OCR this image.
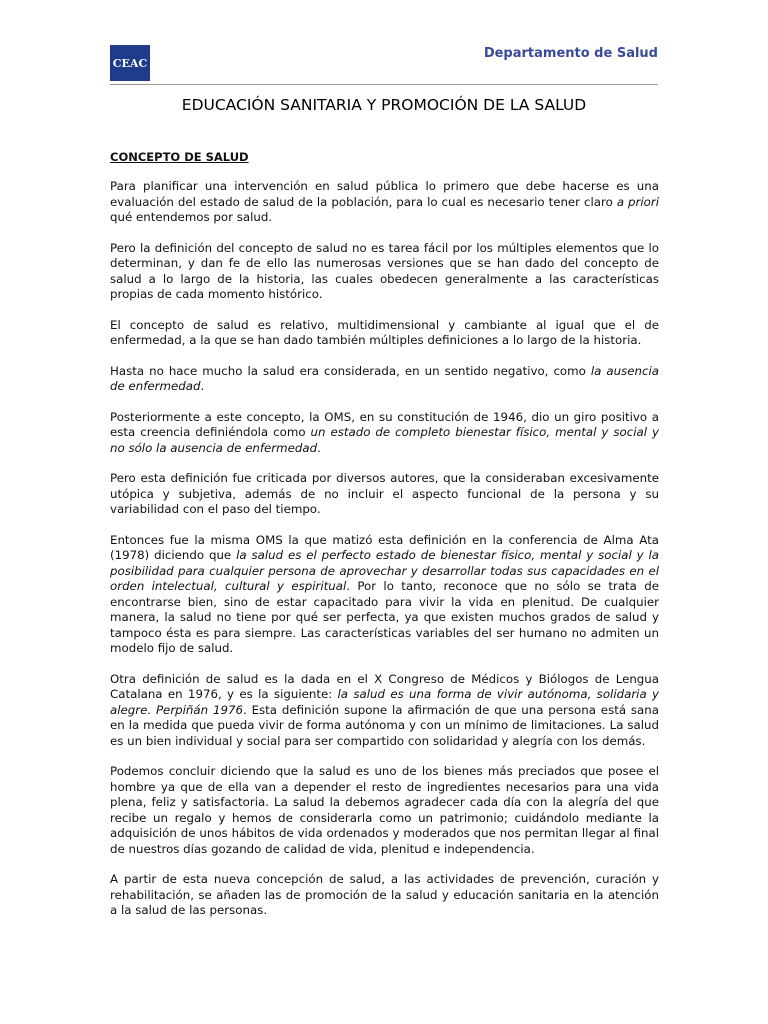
CEAC
Departamento de Salud
EDUCACIÓN SANITARIA Y PROMOCIÓN DE LA SALUD
CONCEPTO DE SALUD

Para planificar una intervención en salud pública lo primero que debe hacerse es una evaluación del estado de salud de la población, para lo cual es necesario tener claro a priori qué entendemos por salud.

Pero la definición del concepto de salud no es tarea fácil por los múltiples elementos que lo determinan, y dan fe de ello las numerosas versiones que se han dado del concepto de salud a lo largo de la historia, las cuales obedecen generalmente a las características propias de cada momento histórico.

El concepto de salud es relativo, multidimensional y cambiante al igual que el de enfermedad, a la que se han dado también múltiples definiciones a lo largo de la historia.

Hasta no hace mucho la salud era considerada, en un sentido negativo, como la ausencia de enfermedad.

Posteriormente a este concepto, la OMS, en su constitución de 1946, dio un giro positivo a esta creencia definiéndola como un estado de completo bienestar físico, mental y social y no sólo la ausencia de enfermedad.

Pero esta definición fue criticada por diversos autores, que la consideraban excesivamente utópica y subjetiva, además de no incluir el aspecto funcional de la persona y su variabilidad con el paso del tiempo.

Entonces fue la misma OMS la que matizó esta definición en la conferencia de Alma Ata (1978) diciendo que la salud es el perfecto estado de bienestar físico, mental y social y la posibilidad para cualquier persona de aprovechar y desarrollar todas sus capacidades en el orden intelectual, cultural y espiritual. Por lo tanto, reconoce que no sólo se trata de encontrarse bien, sino de estar capacitado para vivir la vida en plenitud. De cualquier manera, la salud no tiene por qué ser perfecta, ya que existen muchos grados de salud y tampoco ésta es para siempre. Las características variables del ser humano no admiten un modelo fijo de salud.

Otra definición de salud es la dada en el X Congreso de Médicos y Biólogos de Lengua Catalana en 1976, y es la siguiente: la salud es una forma de vivir autónoma, solidaria y alegre. Perpiñán 1976. Esta definición supone la afirmación de que una persona está sana en la medida que pueda vivir de forma autónoma y con un mínimo de limitaciones. La salud es un bien individual y social para ser compartido con solidaridad y alegría con los demás.

Podemos concluir diciendo que la salud es uno de los bienes más preciados que posee el hombre ya que de ella van a depender el resto de ingredientes necesarios para una vida plena, feliz y satisfactoria. La salud la debemos agradecer cada día con la alegría del que recibe un regalo y hemos de considerarla como un patrimonio; cuidándolo mediante la adquisición de unos hábitos de vida ordenados y moderados que nos permitan llegar al final de nuestros días gozando de calidad de vida, plenitud e independencia.

A partir de esta nueva concepción de salud, a las actividades de prevención, curación y rehabilitación, se añaden las de promoción de la salud y educación sanitaria en la atención a la salud de las personas.
